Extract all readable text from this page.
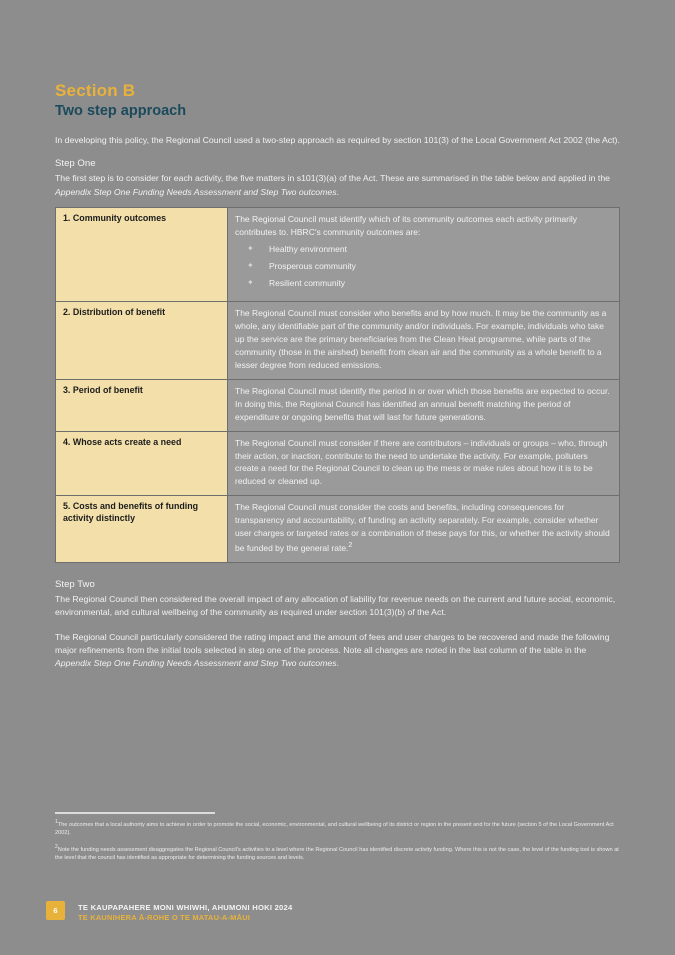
Section B
Two step approach

In developing this policy, the Regional Council used a two-step approach as required by section 101(3) of the Local Government Act 2002 (the Act).

Step One

The first step is to consider for each activity, the five matters in s101(3)(a) of the Act. These are summarised in the table below and applied in the Appendix Step One Funding Needs Assessment and Step Two outcomes.

1. Community outcomes	The Regional Council must identify which of its community outcomes each activity primarily contributes to. HBRC's community outcomes are:

✦ Healthy environment
✦ Prosperous community
✦ Resilient community

2. Distribution of benefit	The Regional Council must consider who benefits and by how much. It may be the community as a whole, any identifiable part of the community and/or individuals. For example, individuals who take up the service are the primary beneficiaries from the Clean Heat programme, while parts of the community (those in the airshed) benefit from clean air and the community as a whole benefit to a lesser degree from reduced emissions.

3. Period of benefit	The Regional Council must identify the period in or over which those benefits are expected to occur. In doing this, the Regional Council has identified an annual benefit matching the period of expenditure or ongoing benefits that will last for future generations.

4. Whose acts create a need	The Regional Council must consider if there are contributors – individuals or groups – who, through their action, or inaction, contribute to the need to undertake the activity. For example, polluters create a need for the Regional Council to clean up the mess or make rules about how it is to be reduced or cleaned up.

5. Costs and benefits of funding activity distinctly	The Regional Council must consider the costs and benefits, including consequences for transparency and accountability, of funding an activity separately. For example, consider whether user charges or targeted rates or a combination of these pays for this, or whether the activity should be funded by the general rate.$^2$

Step Two

The Regional Council then considered the overall impact of any allocation of liability for revenue needs on the current and future social, economic, environmental, and cultural wellbeing of the community as required under section 101(3)(b) of the Act.

The Regional Council particularly considered the rating impact and the amount of fees and user charges to be recovered and made the following major refinements from the initial tools selected in step one of the process. Note all changes are noted in the last column of the table in the Appendix Step One Funding Needs Assessment and Step Two outcomes.

$^1$The outcomes that a local authority aims to achieve in order to promote the social, economic, environmental, and cultural wellbeing of its district or region in the present and for the future (section 5 of the Local Government Act 2002).

$^2$Note the funding needs assessment disaggregates the Regional Council's activities to a level where the Regional Council has identified discrete activity funding. Where this is not the case, the level of the funding tool is shown at the level that the council has identified as appropriate for determining the funding sources and levels.

6	TE KAUPAPAHERE MONI WHIWHI, AHUMONI HOKI 2024
TE KAUNIHERA Ā-ROHE O TE MATAU-A-MĀUI
